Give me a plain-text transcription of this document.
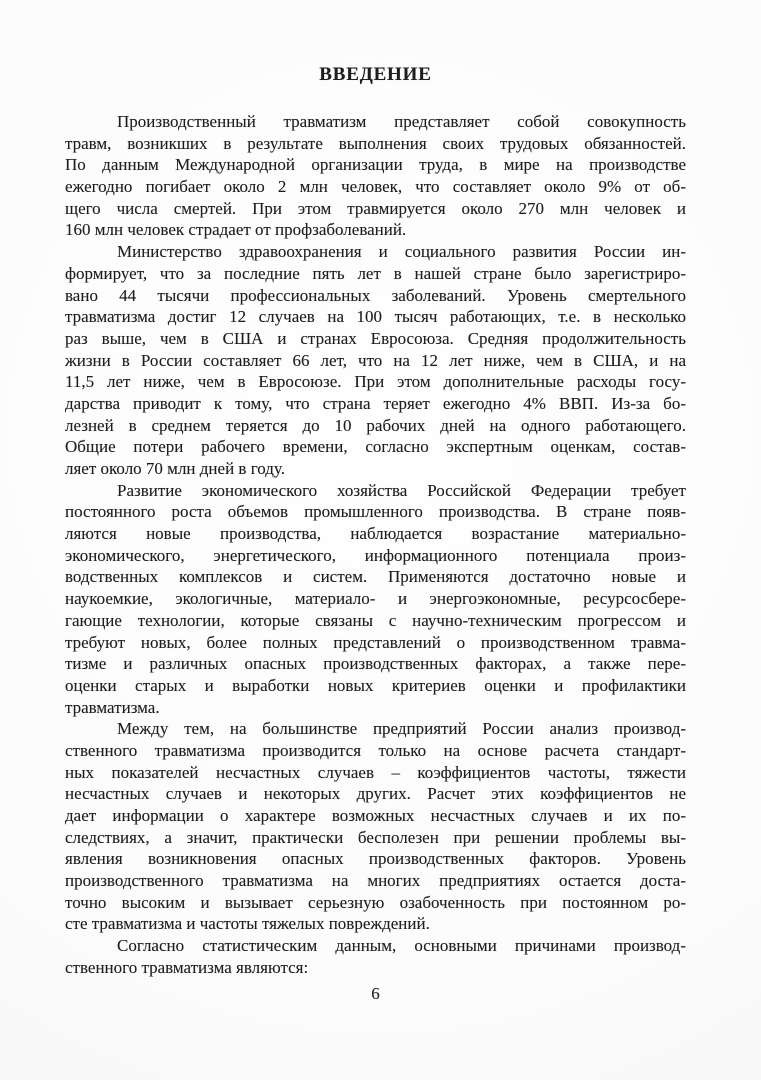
ВВЕДЕНИЕ
Производственный травматизм представляет собой совокупность
травм, возникших в результате выполнения своих трудовых обязанностей.
По данным Международной организации труда, в мире на производстве
ежегодно погибает около 2 млн человек, что составляет около 9% от об-
щего числа смертей. При этом травмируется около 270 млн человек и
160 млн человек страдает от профзаболеваний.
Министерство здравоохранения и социального развития России ин-
формирует, что за последние пять лет в нашей стране было зарегистриро-
вано 44 тысячи профессиональных заболеваний. Уровень смертельного
травматизма достиг 12 случаев на 100 тысяч работающих, т.е. в несколько
раз выше, чем в США и странах Евросоюза. Средняя продолжительность
жизни в России составляет 66 лет, что на 12 лет ниже, чем в США, и на
11,5 лет ниже, чем в Евросоюзе. При этом дополнительные расходы госу-
дарства приводит к тому, что страна теряет ежегодно 4% ВВП. Из-за бо-
лезней в среднем теряется до 10 рабочих дней на одного работающего.
Общие потери рабочего времени, согласно экспертным оценкам, состав-
ляет около 70 млн дней в году.
Развитие экономического хозяйства Российской Федерации требует
постоянного роста объемов промышленного производства. В стране появ-
ляются новые производства, наблюдается возрастание материально-
экономического, энергетического, информационного потенциала произ-
водственных комплексов и систем. Применяются достаточно новые и
наукоемкие, экологичные, материало- и энергоэкономные, ресурсосбере-
гающие технологии, которые связаны с научно-техническим прогрессом и
требуют новых, более полных представлений о производственном травма-
тизме и различных опасных производственных факторах, а также пере-
оценки старых и выработки новых критериев оценки и профилактики
травматизма.
Между тем, на большинстве предприятий России анализ производ-
ственного травматизма производится только на основе расчета стандарт-
ных показателей несчастных случаев – коэффициентов частоты, тяжести
несчастных случаев и некоторых других. Расчет этих коэффициентов не
дает информации о характере возможных несчастных случаев и их по-
следствиях, а значит, практически бесполезен при решении проблемы вы-
явления возникновения опасных производственных факторов. Уровень
производственного травматизма на многих предприятиях остается доста-
точно высоким и вызывает серьезную озабоченность при постоянном ро-
сте травматизма и частоты тяжелых повреждений.
Согласно статистическим данным, основными причинами производ-
ственного травматизма являются:
6
